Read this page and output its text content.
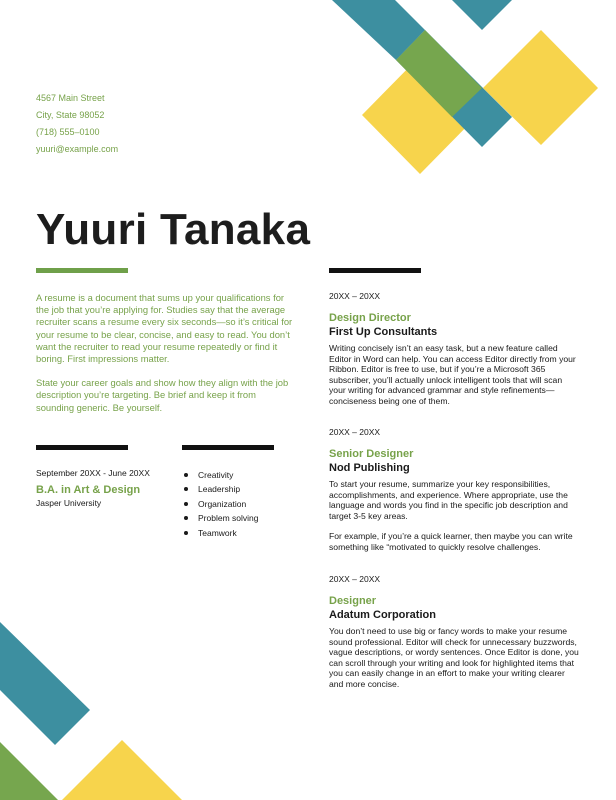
4567 Main Street
City, State 98052
(718) 555–0100
yuuri@example.com
Yuuri Tanaka

A resume is a document that sums up your qualifications for the job that you’re applying for. Studies say that the average recruiter scans a resume every six seconds—so it’s critical for your resume to be clear, concise, and easy to read. You don’t want the recruiter to read your resume repeatedly or find it boring. First impressions matter.

State your career goals and show how they align with the job description you’re targeting. Be brief and keep it from sounding generic. Be yourself.

September 20XX - June 20XX
B.A. in Art & Design
Jasper University
Creativity
Leadership
Organization
Problem solving
Teamwork
20XX – 20XX
Design Director
First Up Consultants

Writing concisely isn’t an easy task, but a new feature called Editor in Word can help. You can access Editor directly from your Ribbon. Editor is free to use, but if you’re a Microsoft 365 subscriber, you’ll actually unlock intelligent tools that will scan your writing for advanced grammar and style refinements—conciseness being one of them.

20XX – 20XX
Senior Designer
Nod Publishing

To start your resume, summarize your key responsibilities, accomplishments, and experience. Where appropriate, use the language and words you find in the specific job description and target 3-5 key areas.

For example, if you’re a quick learner, then maybe you can write something like “motivated to quickly resolve challenges.

20XX – 20XX
Designer
Adatum Corporation

You don’t need to use big or fancy words to make your resume sound professional. Editor will check for unnecessary buzzwords, vague descriptions, or wordy sentences. Once Editor is done, you can scroll through your writing and look for highlighted items that you can easily change in an effort to make your writing clearer and more concise.
